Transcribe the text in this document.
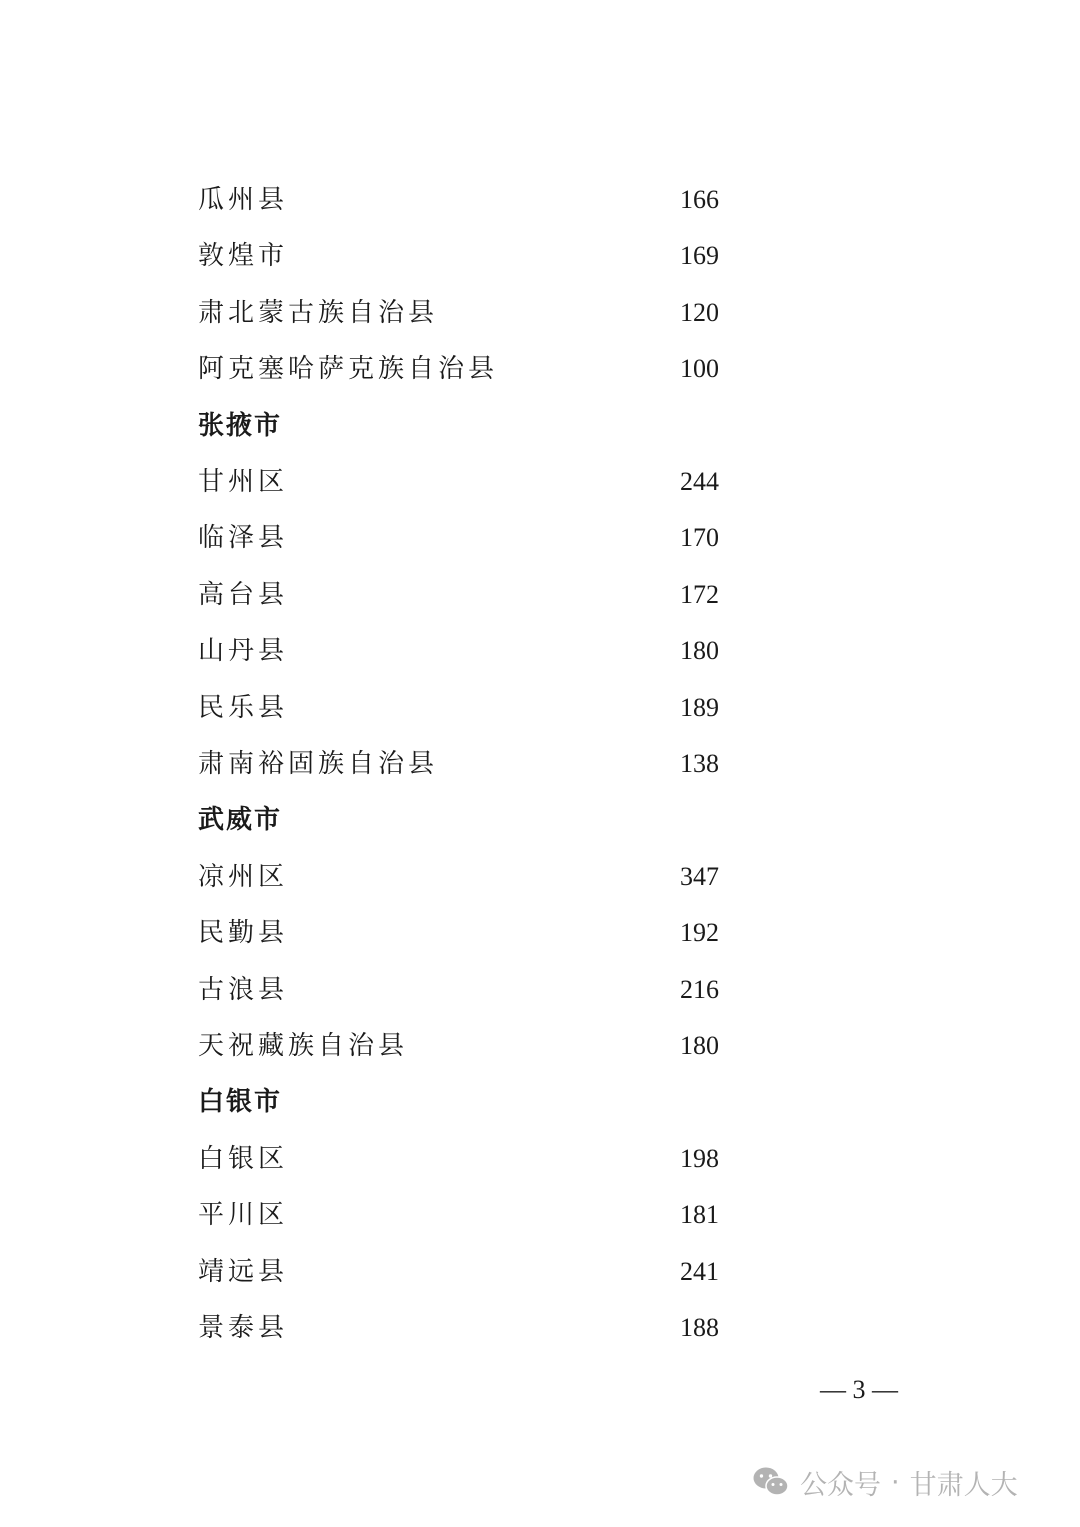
瓜州县	166
敦煌市	169
肃北蒙古族自治县	120
阿克塞哈萨克族自治县	100
张掖市
甘州区	244
临泽县	170
高台县	172
山丹县	180
民乐县	189
肃南裕固族自治县	138
武威市
凉州区	347
民勤县	192
古浪县	216
天祝藏族自治县	180
白银市
白银区	198
平川区	181
靖远县	241
景泰县	188
— 3 —
公众号 · 甘肃人大
